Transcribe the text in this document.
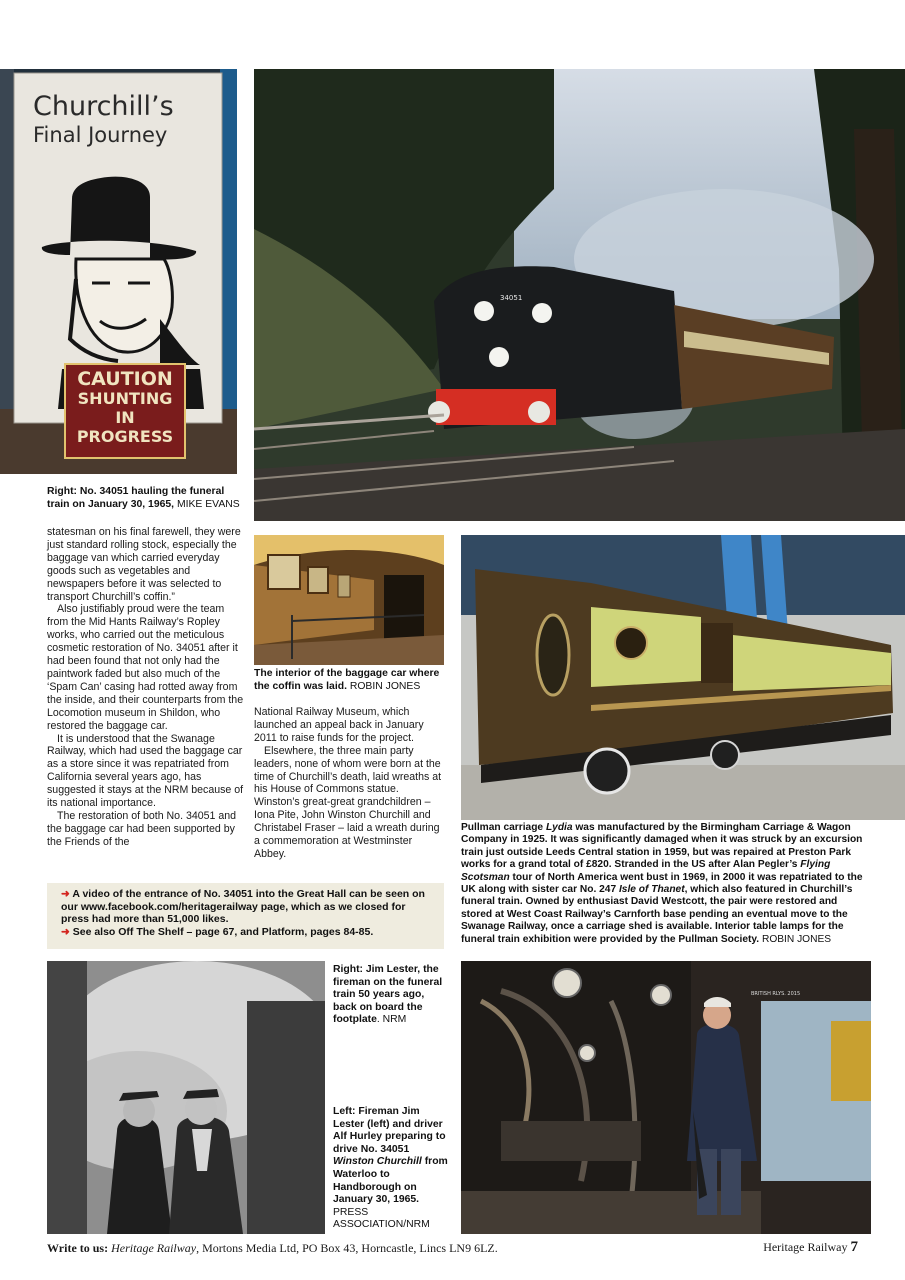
Churchill’s
Final Journey
CAUTION
SHUNTING
IN
PROGRESS
34051
BRITISH RLYS. 2015
Right: No. 34051 hauling the funeral train on January 30, 1965, MIKE EVANS

statesman on his final farewell, they were just standard rolling stock, especially the baggage van which carried everyday goods such as vegetables and newspapers before it was selected to transport Churchill’s coffin.”

Also justifiably proud were the team from the Mid Hants Railway’s Ropley works, who carried out the meticulous cosmetic restoration of No. 34051 after it had been found that not only had the paintwork faded but also much of the ‘Spam Can’ casing had rotted away from the inside, and their counterparts from the Locomotion museum in Shildon, who restored the baggage car.

It is understood that the Swanage Railway, which had used the baggage car as a store since it was repatriated from California several years ago, has suggested it stays at the NRM because of its national importance.

The restoration of both No. 34051 and the baggage car had been supported by the Friends of the

The interior of the baggage car where the coffin was laid. ROBIN JONES

National Railway Museum, which launched an appeal back in January 2011 to raise funds for the project.

Elsewhere, the three main party leaders, none of whom were born at the time of Churchill’s death, laid wreaths at his House of Commons statue. Winston’s great-great grandchildren – Iona Pite, John Winston Churchill and Christabel Fraser – laid a wreath during a commemoration at Westminster Abbey.

Pullman carriage Lydia was manufactured by the Birmingham Carriage & Wagon Company in 1925. It was significantly damaged when it was struck by an excursion train just outside Leeds Central station in 1959, but was repaired at Preston Park works for a grand total of £820. Stranded in the US after Alan Pegler’s Flying Scotsman tour of North America went bust in 1969, in 2000 it was repatriated to the UK along with sister car No. 247 Isle of Thanet, which also featured in Churchill’s funeral train. Owned by enthusiast David Westcott, the pair were restored and stored at West Coast Railway’s Carnforth base pending an eventual move to the Swanage Railway, once a carriage shed is available. Interior table lamps for the funeral train exhibition were provided by the Pullman Society. ROBIN JONES
➜ A video of the entrance of No. 34051 into the Great Hall can be seen on our www.facebook.com/heritagerailway page, which as we closed for press had more than 51,000 likes.
➜ See also Off The Shelf – page 67, and Platform, pages 84-85.
Right: Jim Lester, the fireman on the funeral train 50 years ago, back on board the footplate. NRM
Left: Fireman Jim Lester (left) and driver Alf Hurley preparing to drive No. 34051 Winston Churchill from Waterloo to Handborough on January 30, 1965.
PRESS ASSOCIATION/NRM
Write to us: Heritage Railway, Mortons Media Ltd, PO Box 43, Horncastle, Lincs LN9 6LZ.	Heritage Railway 7
